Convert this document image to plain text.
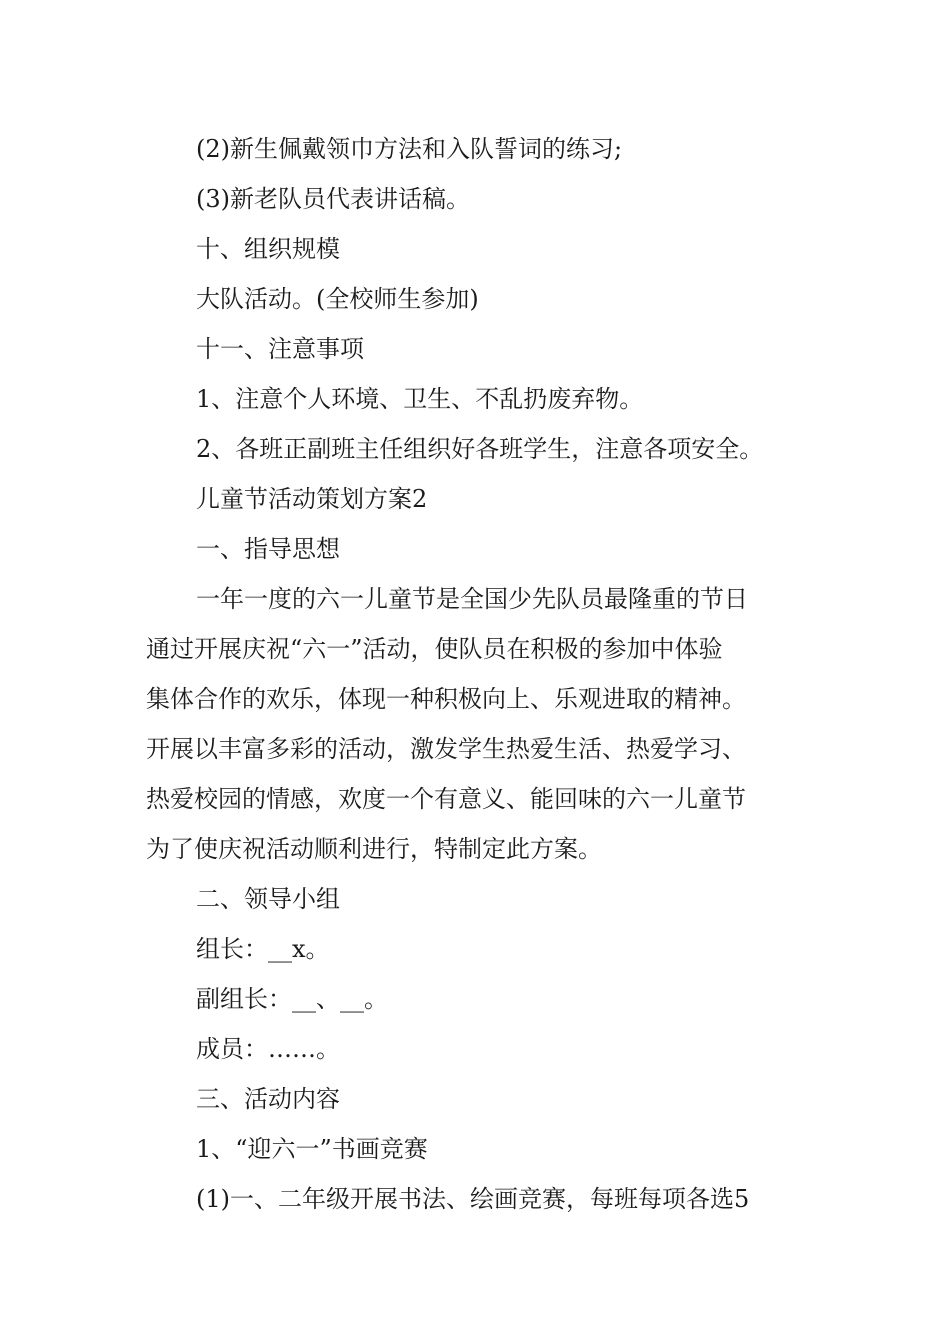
(2)新生佩戴领巾方法和入队誓词的练习;
(3)新老队员代表讲话稿。
十、组织规模
大队活动。(全校师生参加)
十一、注意事项
1、注意个人环境、卫生、不乱扔废弃物。
2、各班正副班主任组织好各班学生，注意各项安全。
儿童节活动策划方案2
一、指导思想
一年一度的六一儿童节是全国少先队员最隆重的节日
通过开展庆祝“六一”活动，使队员在积极的参加中体验
集体合作的欢乐，体现一种积极向上、乐观进取的精神。
开展以丰富多彩的活动，激发学生热爱生活、热爱学习、
热爱校园的情感，欢度一个有意义、能回味的六一儿童节
为了使庆祝活动顺利进行，特制定此方案。
二、领导小组
组长：__x。
副组长：__、__。
成员：……。
三、活动内容
1、“迎六一”书画竞赛
(1)一、二年级开展书法、绘画竞赛，每班每项各选5
